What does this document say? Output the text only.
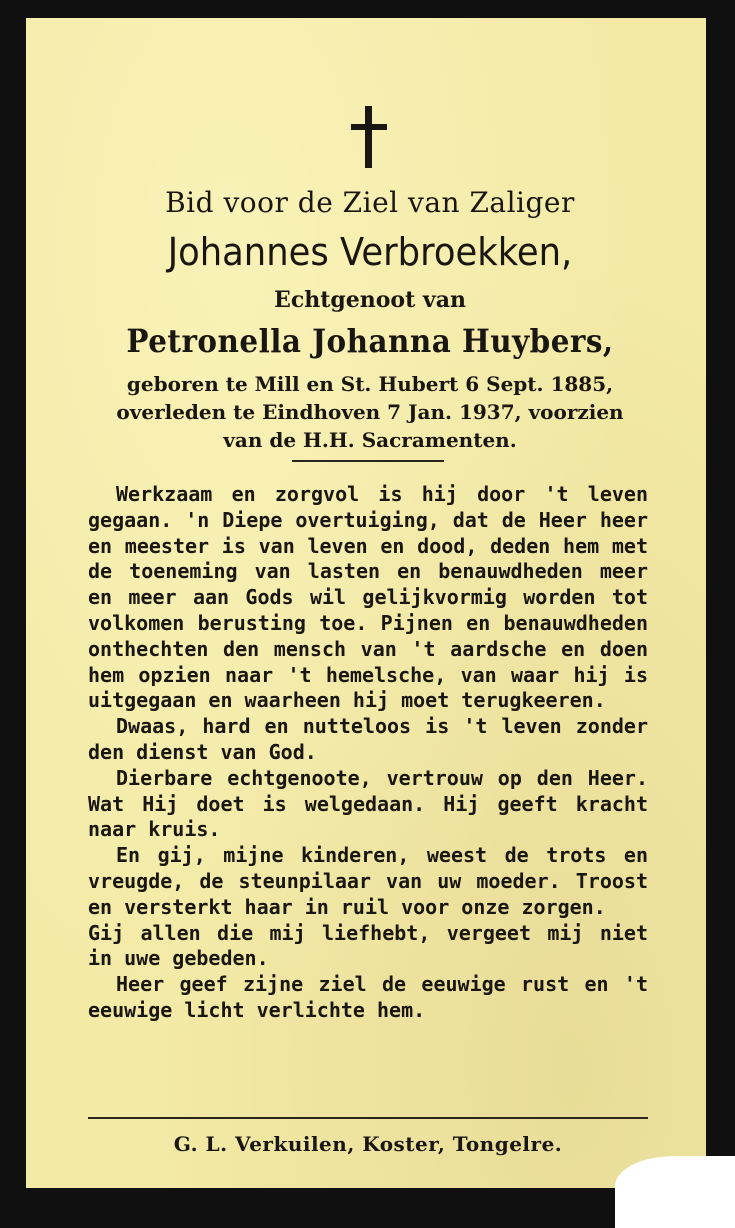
Bid voor de Ziel van Zaliger
Johannes Verbroekken,
Echtgenoot van
Petronella Johanna Huybers,
geboren te Mill en St. Hubert 6 Sept. 1885,
overleden te Eindhoven 7 Jan. 1937, voorzien
van de H.H. Sacramenten.

Werkzaam en zorgvol is hij door 't leven gegaan. 'n Diepe overtuiging, dat de Heer heer en meester is van leven en dood, deden hem met de toeneming van lasten en benauwdheden meer en meer aan Gods wil gelijkvormig worden tot volkomen berusting toe. Pijnen en benauwdheden onthechten den mensch van 't aardsche en doen hem opzien naar 't hemelsche, van waar hij is uitgegaan en waarheen hij moet terugkeeren.

Dwaas, hard en nutteloos is 't leven zonder den dienst van God.

Dierbare echtgenoote, vertrouw op den Heer. Wat Hij doet is welgedaan. Hij geeft kracht naar kruis.

En gij, mijne kinderen, weest de trots en vreugde, de steunpilaar van uw moeder. Troost en versterkt haar in ruil voor onze zorgen.

Gij allen die mij liefhebt, vergeet mij niet in uwe gebeden.

Heer geef zijne ziel de eeuwige rust en 't eeuwige licht verlichte hem.

G. L. Verkuilen, Koster, Tongelre.
